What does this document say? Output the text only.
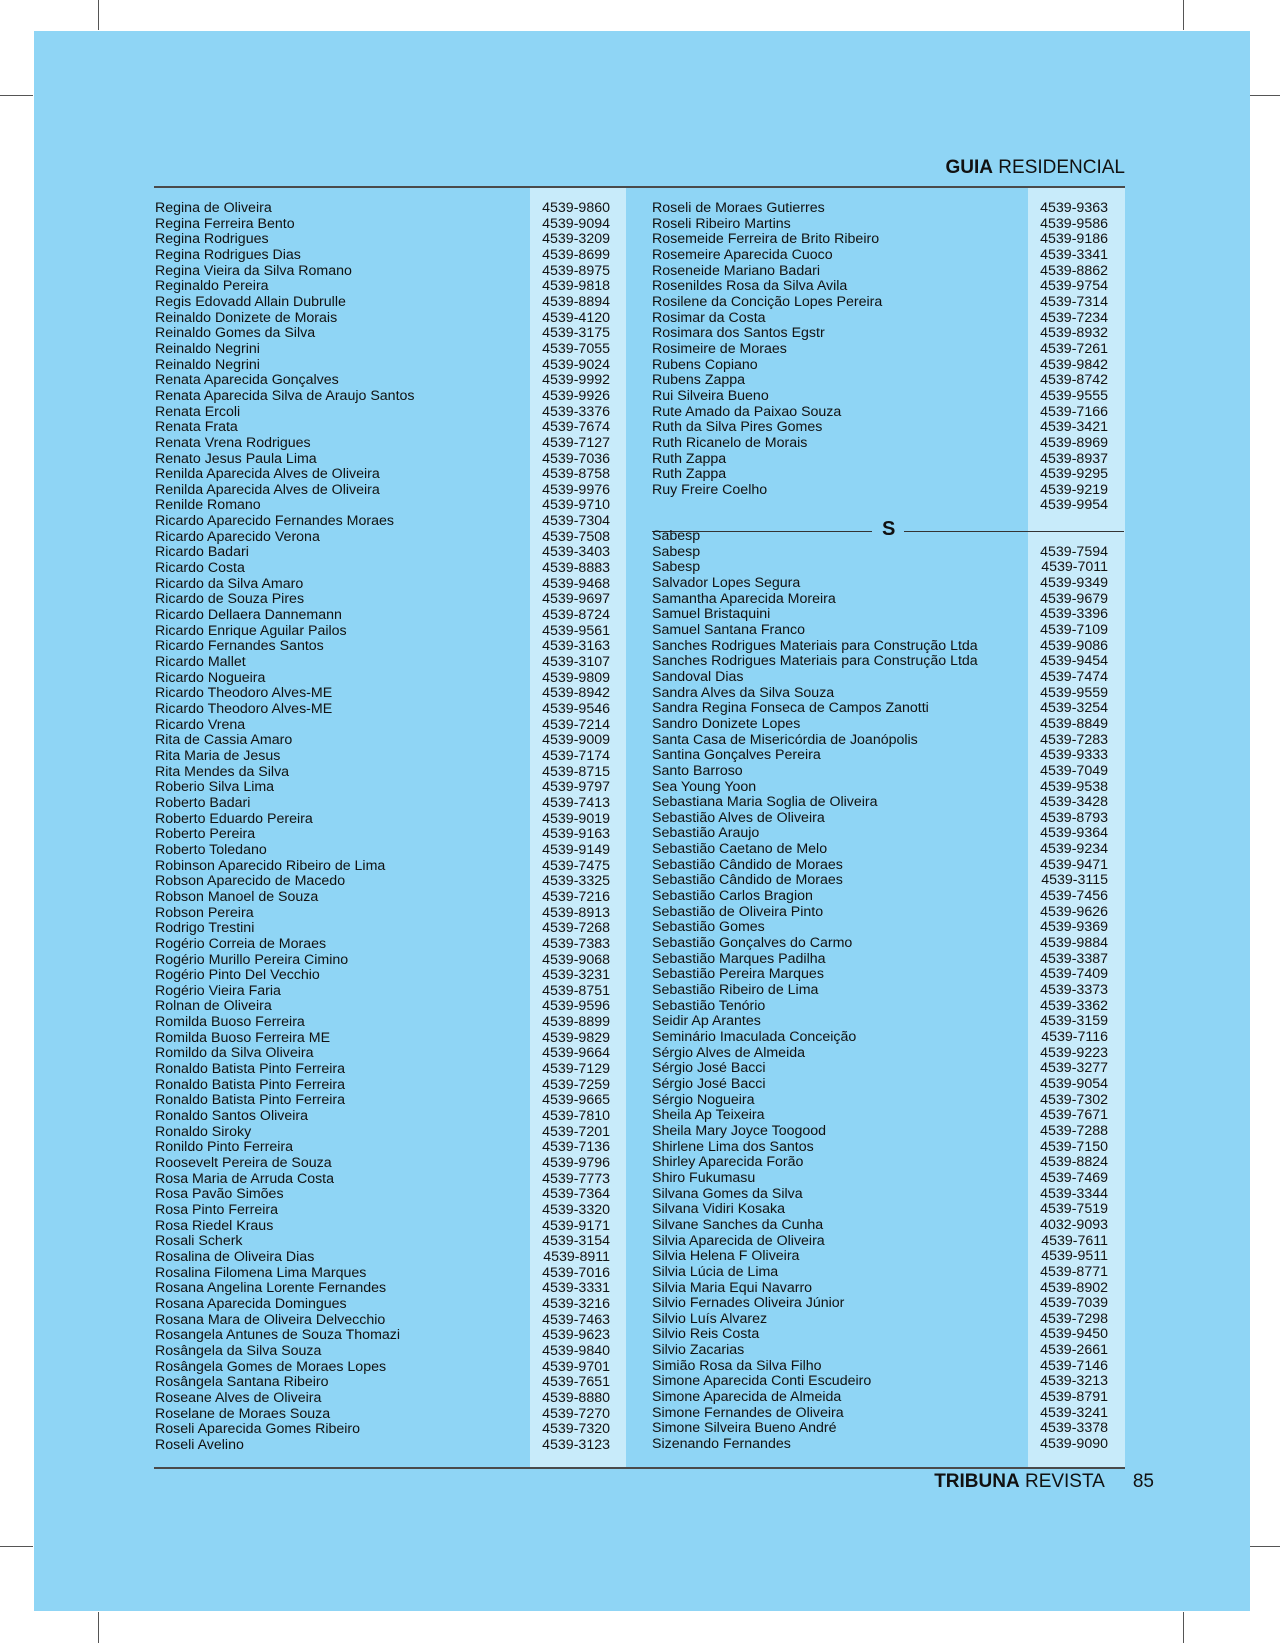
GUIA RESIDENCIAL
Regina de Oliveira	4539-9860
Regina Ferreira Bento	4539-9094
Regina Rodrigues	4539-3209
Regina Rodrigues Dias	4539-8699
Regina Vieira da Silva Romano	4539-8975
Reginaldo Pereira	4539-9818
Regis Edovadd Allain Dubrulle	4539-8894
Reinaldo Donizete de Morais	4539-4120
Reinaldo Gomes da Silva	4539-3175
Reinaldo Negrini	4539-7055
Reinaldo Negrini	4539-9024
Renata Aparecida Gonçalves	4539-9992
Renata Aparecida Silva de Araujo Santos	4539-9926
Renata Ercoli	4539-3376
Renata Frata	4539-7674
Renata Vrena Rodrigues	4539-7127
Renato Jesus Paula Lima	4539-7036
Renilda Aparecida Alves de Oliveira	4539-8758
Renilda Aparecida Alves de Oliveira	4539-9976
Renilde Romano	4539-9710
Ricardo Aparecido Fernandes Moraes	4539-7304
Ricardo Aparecido Verona	4539-7508
Ricardo Badari	4539-3403
Ricardo Costa	4539-8883
Ricardo da Silva Amaro	4539-9468
Ricardo de Souza Pires	4539-9697
Ricardo Dellaera Dannemann	4539-8724
Ricardo Enrique Aguilar Pailos	4539-9561
Ricardo Fernandes Santos	4539-3163
Ricardo Mallet	4539-3107
Ricardo Nogueira	4539-9809
Ricardo Theodoro Alves-ME	4539-8942
Ricardo Theodoro Alves-ME	4539-9546
Ricardo Vrena	4539-7214
Rita de Cassia Amaro	4539-9009
Rita Maria de Jesus	4539-7174
Rita Mendes da Silva	4539-8715
Roberio Silva Lima	4539-9797
Roberto Badari	4539-7413
Roberto Eduardo Pereira	4539-9019
Roberto Pereira	4539-9163
Roberto Toledano	4539-9149
Robinson Aparecido Ribeiro de Lima	4539-7475
Robson Aparecido de Macedo	4539-3325
Robson Manoel de Souza	4539-7216
Robson Pereira	4539-8913
Rodrigo Trestini	4539-7268
Rogério Correia de Moraes	4539-7383
Rogério Murillo Pereira Cimino	4539-9068
Rogério Pinto Del Vecchio	4539-3231
Rogério Vieira Faria	4539-8751
Rolnan de Oliveira	4539-9596
Romilda Buoso Ferreira	4539-8899
Romilda Buoso Ferreira ME	4539-9829
Romildo da Silva Oliveira	4539-9664
Ronaldo Batista Pinto Ferreira	4539-7129
Ronaldo Batista Pinto Ferreira	4539-7259
Ronaldo Batista Pinto Ferreira	4539-9665
Ronaldo Santos Oliveira	4539-7810
Ronaldo Siroky	4539-7201
Ronildo Pinto Ferreira	4539-7136
Roosevelt Pereira de Souza	4539-9796
Rosa Maria de Arruda Costa	4539-7773
Rosa Pavão Simões	4539-7364
Rosa Pinto Ferreira	4539-3320
Rosa Riedel Kraus	4539-9171
Rosali Scherk	4539-3154
Rosalina de Oliveira Dias	4539-8911
Rosalina Filomena Lima Marques	4539-7016
Rosana Angelina Lorente Fernandes	4539-3331
Rosana Aparecida Domingues	4539-3216
Rosana Mara de Oliveira Delvecchio	4539-7463
Rosangela Antunes de Souza Thomazi	4539-9623
Rosângela da Silva Souza	4539-9840
Rosângela Gomes de Moraes Lopes	4539-9701
Rosângela Santana Ribeiro	4539-7651
Roseane Alves de Oliveira	4539-8880
Roselane de Moraes Souza	4539-7270
Roseli Aparecida Gomes Ribeiro	4539-7320
Roseli Avelino	4539-3123
Roseli de Moraes Gutierres	4539-9363
Roseli Ribeiro Martins	4539-9586
Rosemeide Ferreira de Brito Ribeiro	4539-9186
Rosemeire Aparecida Cuoco	4539-3341
Roseneide Mariano Badari	4539-8862
Rosenildes Rosa da Silva Avila	4539-9754
Rosilene da Concição Lopes Pereira	4539-7314
Rosimar da Costa	4539-7234
Rosimara dos Santos Egstr	4539-8932
Rosimeire de Moraes	4539-7261
Rubens Copiano	4539-9842
Rubens Zappa	4539-8742
Rui Silveira Bueno	4539-9555
Rute Amado da Paixao Souza	4539-7166
Ruth da Silva Pires Gomes	4539-3421
Ruth Ricanelo de Morais	4539-8969
Ruth Zappa	4539-8937
Ruth Zappa	4539-9295
Ruy Freire Coelho	4539-9219
4539-9954
S
Sabesp
Sabesp	4539-7594
Sabesp	4539-7011
Salvador Lopes Segura	4539-9349
Samantha Aparecida Moreira	4539-9679
Samuel Bristaquini	4539-3396
Samuel Santana Franco	4539-7109
Sanches Rodrigues Materiais para Construção Ltda	4539-9086
Sanches Rodrigues Materiais para Construção Ltda	4539-9454
Sandoval Dias	4539-7474
Sandra Alves da Silva Souza	4539-9559
Sandra Regina Fonseca de Campos Zanotti	4539-3254
Sandro Donizete Lopes	4539-8849
Santa Casa de Misericórdia de Joanópolis	4539-7283
Santina Gonçalves Pereira	4539-9333
Santo Barroso	4539-7049
Sea Young Yoon	4539-9538
Sebastiana Maria Soglia de Oliveira	4539-3428
Sebastião Alves de Oliveira	4539-8793
Sebastião Araujo	4539-9364
Sebastião Caetano de Melo	4539-9234
Sebastião Cândido de Moraes	4539-9471
Sebastião Cândido de Moraes	4539-3115
Sebastião Carlos Bragion	4539-7456
Sebastião de Oliveira Pinto	4539-9626
Sebastião Gomes	4539-9369
Sebastião Gonçalves do Carmo	4539-9884
Sebastião Marques Padilha	4539-3387
Sebastião Pereira Marques	4539-7409
Sebastião Ribeiro de Lima	4539-3373
Sebastião Tenório	4539-3362
Seidir Ap Arantes	4539-3159
Seminário Imaculada Conceição	4539-7116
Sérgio Alves de Almeida	4539-9223
Sérgio José Bacci	4539-3277
Sérgio José Bacci	4539-9054
Sérgio Nogueira	4539-7302
Sheila Ap Teixeira	4539-7671
Sheila Mary Joyce Toogood	4539-7288
Shirlene Lima dos Santos	4539-7150
Shirley Aparecida Forão	4539-8824
Shiro Fukumasu	4539-7469
Silvana Gomes da Silva	4539-3344
Silvana Vidiri Kosaka	4539-7519
Silvane Sanches da Cunha	4032-9093
Silvia Aparecida de Oliveira	4539-7611
Silvia Helena F Oliveira	4539-9511
Silvia Lúcia de Lima	4539-8771
Silvia Maria Equi Navarro	4539-8902
Silvio Fernades Oliveira Júnior	4539-7039
Silvio Luís Alvarez	4539-7298
Silvio Reis Costa	4539-9450
Silvio Zacarias	4539-2661
Simião Rosa da Silva Filho	4539-7146
Simone Aparecida Conti Escudeiro	4539-3213
Simone Aparecida de Almeida	4539-8791
Simone Fernandes de Oliveira	4539-3241
Simone Silveira Bueno André	4539-3378
Sizenando Fernandes	4539-9090
TRIBUNA REVISTA 85
